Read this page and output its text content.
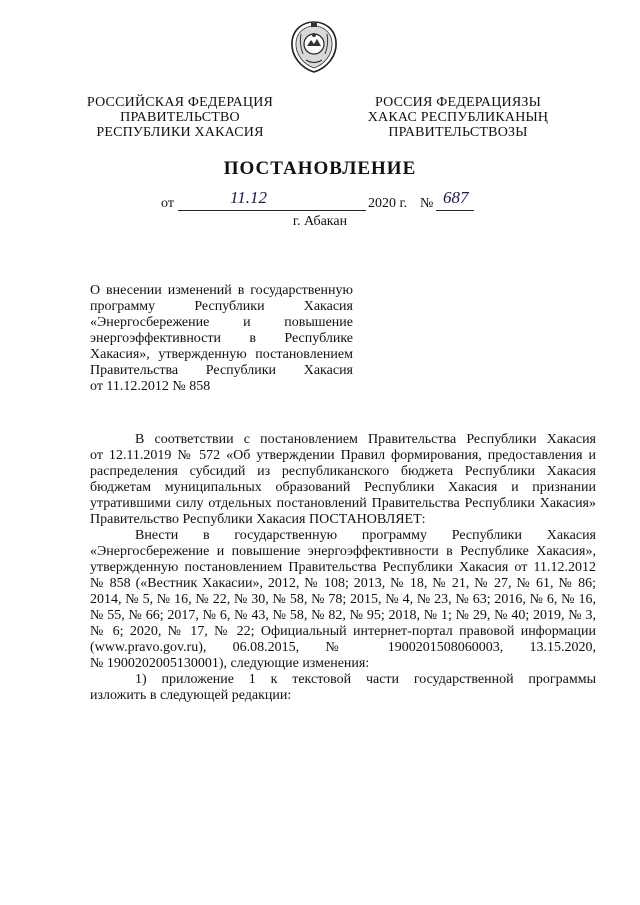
РОССИЙСКАЯ ФЕДЕРАЦИЯ
ПРАВИТЕЛЬСТВО
РЕСПУБЛИКИ ХАКАСИЯ
РОССИЯ ФЕДЕРАЦИЯЗЫ
ХАКАС РЕСПУБЛИКАНЫҢ
ПРАВИТЕЛЬСТВОЗЫ
ПОСТАНОВЛЕНИЕ
от	11.12	2020 г. № 687
г. Абакан
О внесении изменений в государственную
программу Республики Хакасия
«Энергосбережение и повышение
энергоэффективности в Республике
Хакасия», утвержденную постановлением
Правительства Республики Хакасия
от 11.12.2012 № 858
В соответствии с постановлением Правительства Республики Хакасия
от 12.11.2019 № 572 «Об утверждении Правил формирования, предоставления и
распределения субсидий из республиканского бюджета Республики Хакасия
бюджетам муниципальных образований Республики Хакасия и признании
утратившими силу отдельных постановлений Правительства Республики Хакасия»
Правительство Республики Хакасия ПОСТАНОВЛЯЕТ:
Внести в государственную программу Республики Хакасия
«Энергосбережение и повышение энергоэффективности в Республике Хакасия»,
утвержденную постановлением Правительства Республики Хакасия от 11.12.2012
№ 858 («Вестник Хакасии», 2012, № 108; 2013, № 18, № 21, № 27, № 61, № 86;
2014, № 5, № 16, № 22, № 30, № 58, № 78; 2015, № 4, № 23, № 63; 2016, № 6, № 16,
№ 55, № 66; 2017, № 6, № 43, № 58, № 82, № 95; 2018, № 1; № 29, № 40; 2019, № 3,
№ 6; 2020, № 17, № 22; Официальный интернет-портал правовой информации
(www.pravo.gov.ru), 06.08.2015, № 1900201508060003, 13.15.2020,
№ 1900202005130001), следующие изменения:
1) приложение 1 к текстовой части государственной программы
изложить в следующей редакции:
